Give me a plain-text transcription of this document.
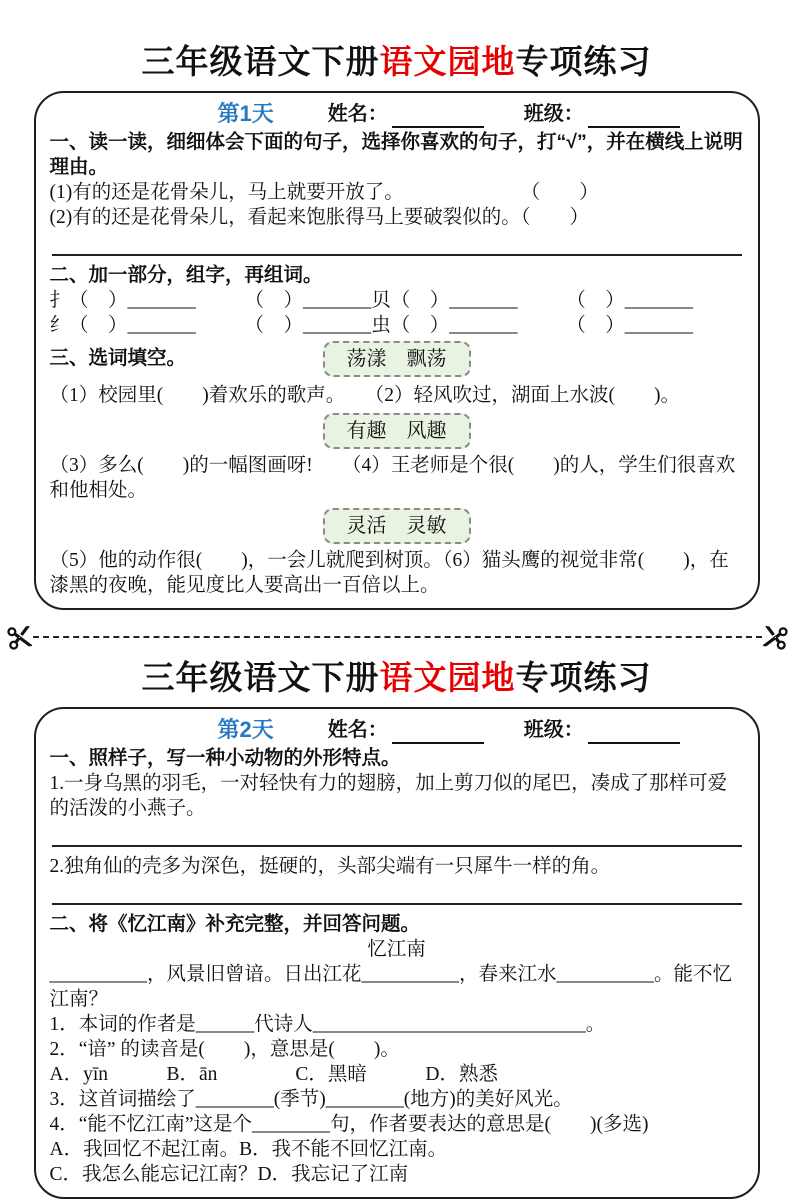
三年级语文下册语文园地专项练习
第1天	姓名：	班级：
一、读一读，细细体会下面的句子，选择你喜欢的句子，打“√”，并在横线上说明理由。
(1)有的还是花骨朵儿，马上就要开放了。　　　　　　　（　　）
(2)有的还是花骨朵儿，看起来饱胀得马上要破裂似的。（　　）
二、加一部分，组字，再组词。
扌（　）_______　　　（　）_______贝（　）_______　　　（　）_______
纟（　）_______　　　（　）_______虫（　）_______　　　（　）_______
三、选词填空。	荡漾　飘荡
（1）校园里(　　)着欢乐的歌声。　　（2）轻风吹过，湖面上水波(　　)。
有趣　风趣
（3）多么(　　)的一幅图画呀!　　（4）王老师是个很(　　)的人，学生们很喜欢和他相处。
灵活　灵敏
（5）他的动作很(　　)，一会儿就爬到树顶。（6）猫头鹰的视觉非常(　　)，在漆黑的夜晚，能见度比人要高出一百倍以上。
三年级语文下册语文园地专项练习
第2天	姓名：	班级：
一、照样子，写一种小动物的外形特点。
1.一身乌黑的羽毛，一对轻快有力的翅膀，加上剪刀似的尾巴，凑成了那样可爱的活泼的小燕子。
2.独角仙的壳多为深色，挺硬的，头部尖端有一只犀牛一样的角。
二、将《忆江南》补充完整，并回答问题。
忆江南
__________，风景旧曾谙。日出江花__________，春来江水__________。能不忆江南？
1．本词的作者是______代诗人____________________________。
2．“谙” 的读音是(　　)，意思是(　　)。
A．yīn　　　B．ān　　　　C．黑暗　　　D．熟悉
3．这首词描绘了________(季节)________(地方)的美好风光。
4．“能不忆江南”这是个________句，作者要表达的意思是(　　)(多选)
A．我回忆不起江南。B．我不能不回忆江南。
C．我怎么能忘记江南？D．我忘记了江南
